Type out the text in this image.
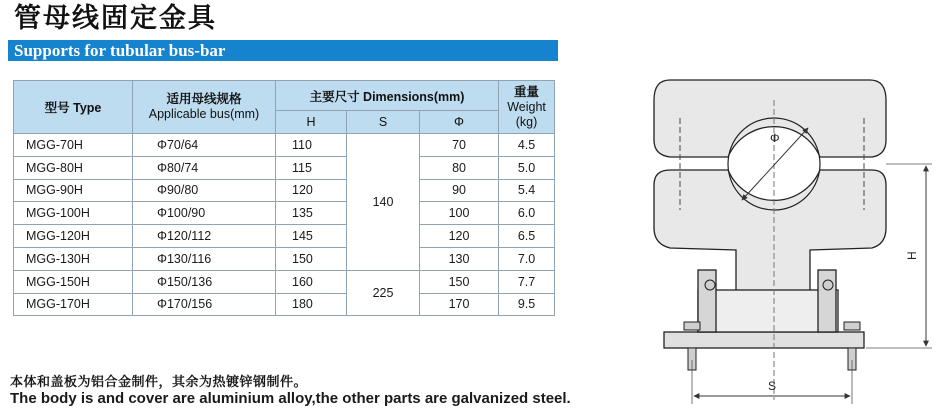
管母线固定金具
Supports for tubular bus-bar
型号 Type	适用母线规格
Applicable bus(mm)	主要尺寸 Dimensions(mm)			重量
Weight
(kg)

		H	S	Φ	
MGG-70H	Φ70/64	110	140	70	4.5
MGG-80H	Φ80/74	115		80	5.0
MGG-90H	Φ90/80	120		90	5.4
MGG-100H	Φ100/90	135		100	6.0
MGG-120H	Φ120/112	145		120	6.5
MGG-130H	Φ130/116	150		130	7.0
MGG-150H	Φ150/136	160	225	150	7.7
MGG-170H	Φ170/156	180		170	9.5
本体和盖板为铝合金制件，其余为热镀锌钢制件。
The body is and cover are aluminium alloy,the other parts are galvanized steel.
Φ
H
S
